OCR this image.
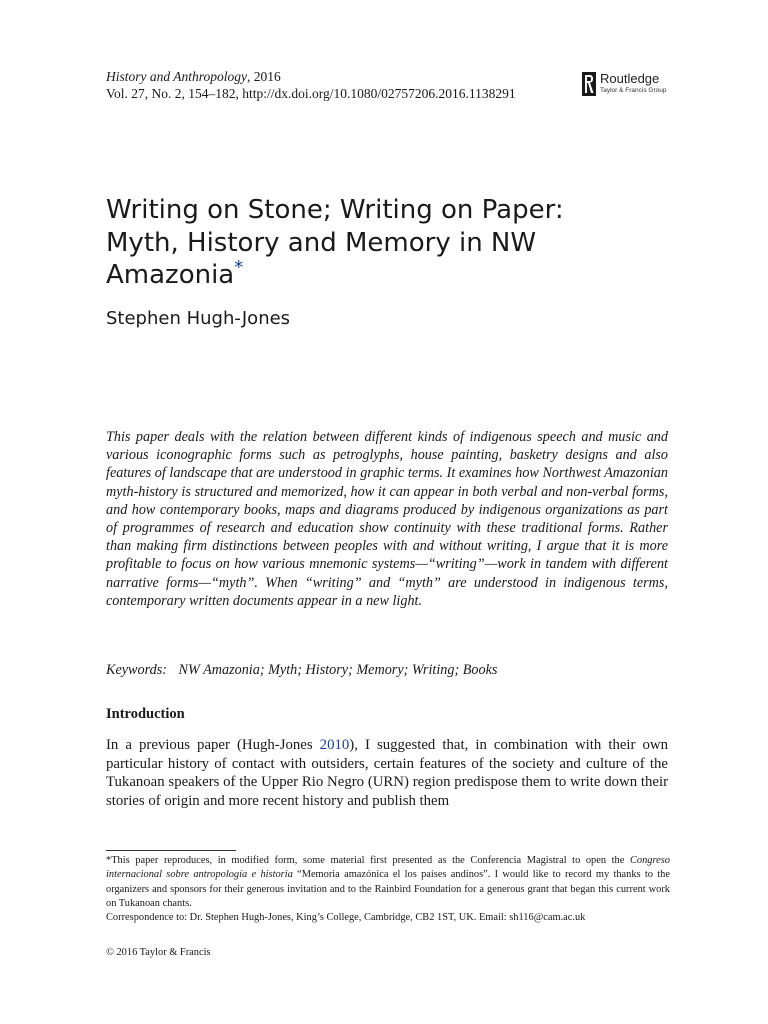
History and Anthropology, 2016
Vol. 27, No. 2, 154–182, http://dx.doi.org/10.1080/02757206.2016.1138291
Routledge
Taylor & Francis Group
Writing on Stone; Writing on Paper:
Myth, History and Memory in NW
Amazonia*
Stephen Hugh-Jones

This paper deals with the relation between different kinds of indigenous speech and music and various iconographic forms such as petroglyphs, house painting, basketry designs and also features of landscape that are understood in graphic terms. It examines how Northwest Amazonian myth-history is structured and memorized, how it can appear in both verbal and non-verbal forms, and how contemporary books, maps and diagrams produced by indigenous organizations as part of programmes of research and education show continuity with these traditional forms. Rather than making firm distinctions between peoples with and without writing, I argue that it is more profitable to focus on how various mnemonic systems—“writing”—work in tandem with different narrative forms—“myth”. When “writing” and “myth” are understood in indigenous terms, contemporary written documents appear in a new light.

Keywords: NW Amazonia; Myth; History; Memory; Writing; Books
Introduction

In a previous paper (Hugh-Jones 2010), I suggested that, in combination with their own particular history of contact with outsiders, certain features of the society and culture of the Tukanoan speakers of the Upper Rio Negro (URN) region predispose them to write down their stories of origin and more recent history and publish them

*This paper reproduces, in modified form, some material first presented as the Conferencia Magistral to open the Congreso internacional sobre antropología e historia “Memoria amazónica el los paises andinos”. I would like to record my thanks to the organizers and sponsors for their generous invitation and to the Rainbird Foundation for a generous grant that began this current work on Tukanoan chants.

Correspondence to: Dr. Stephen Hugh-Jones, King’s College, Cambridge, CB2 1ST, UK. Email: sh116@cam.ac.uk

© 2016 Taylor & Francis
